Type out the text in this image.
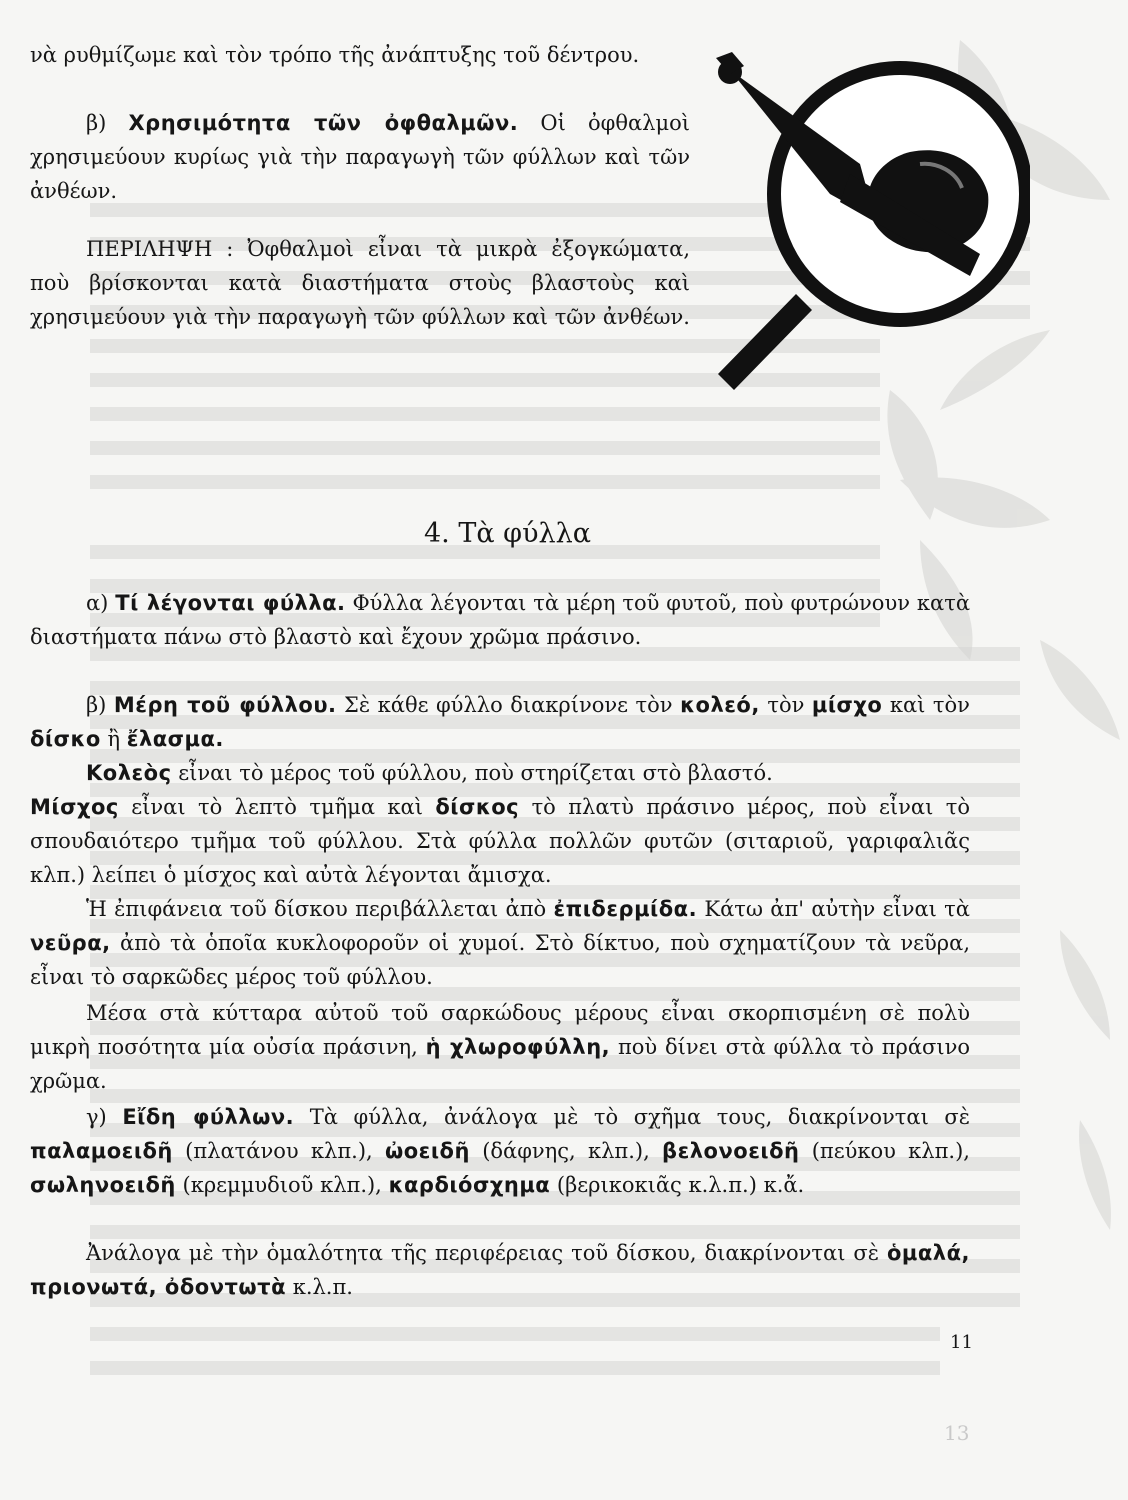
13

νὰ ρυθμίζωμε καὶ τὸν τρόπο τῆς ἀνάπτυξης τοῦ δέντρου.

β) Χρησιμότητα τῶν ὀφθαλμῶν. Οἱ ὀφθαλμοὶ χρησιμεύουν κυρίως γιὰ τὴν παραγωγὴ τῶν φύλλων καὶ τῶν ἀνθέων.

ΠΕΡΙΛΗΨΗ : Ὀφθαλμοὶ εἶναι τὰ μικρὰ ἐξογκώματα, ποὺ βρίσκονται κατὰ διαστήματα στοὺς βλαστοὺς καὶ χρησιμεύουν γιὰ τὴν παραγωγὴ τῶν φύλλων καὶ τῶν ἀνθέων.

4. Τὰ φύλλα

α) Τί λέγονται φύλλα. Φύλλα λέγονται τὰ μέρη τοῦ φυτοῦ, ποὺ φυτρώνουν κατὰ διαστήματα πάνω στὸ βλαστὸ καὶ ἔχουν χρῶμα πράσινο.

β) Μέρη τοῦ φύλλου. Σὲ κάθε φύλλο διακρίνονε τὸν κολεό, τὸν μίσχο καὶ τὸν δίσκο ἢ ἔλασμα.

Κολεὸς εἶναι τὸ μέρος τοῦ φύλλου, ποὺ στηρίζεται στὸ βλαστό.

Μίσχος εἶναι τὸ λεπτὸ τμῆμα καὶ δίσκος τὸ πλατὺ πράσινο μέρος, ποὺ εἶναι τὸ σπουδαιότερο τμῆμα τοῦ φύλλου. Στὰ φύλλα πολλῶν φυτῶν (σιταριοῦ, γαριφαλιᾶς κλπ.) λείπει ὁ μίσχος καὶ αὐτὰ λέγονται ἄμισχα.

Ἡ ἐπιφάνεια τοῦ δίσκου περιβάλλεται ἀπὸ ἐπιδερμίδα. Κάτω ἀπ' αὐτὴν εἶναι τὰ νεῦρα, ἀπὸ τὰ ὁποῖα κυκλοφοροῦν οἱ χυμοί. Στὸ δίκτυο, ποὺ σχηματίζουν τὰ νεῦρα, εἶναι τὸ σαρκῶδες μέρος τοῦ φύλλου.

Μέσα στὰ κύτταρα αὐτοῦ τοῦ σαρκώδους μέρους εἶναι σκορπισμένη σὲ πολὺ μικρὴ ποσότητα μία οὐσία πράσινη, ἡ χλωροφύλλη, ποὺ δίνει στὰ φύλλα τὸ πράσινο χρῶμα.

γ) Εἴδη φύλλων. Τὰ φύλλα, ἀνάλογα μὲ τὸ σχῆμα τους, διακρίνονται σὲ παλαμοειδῆ (πλατάνου κλπ.), ὠοειδῆ (δάφνης, κλπ.), βελονοειδῆ (πεύκου κλπ.), σωληνοειδῆ (κρεμμυδιοῦ κλπ.), καρδιόσχημα (βερικοκιᾶς κ.λ.π.) κ.ἄ.

Ἀνάλογα μὲ τὴν ὁμαλότητα τῆς περιφέρειας τοῦ δίσκου, διακρίνονται σὲ ὁμαλά, πριονωτά, ὀδοντωτὰ κ.λ.π.

11
